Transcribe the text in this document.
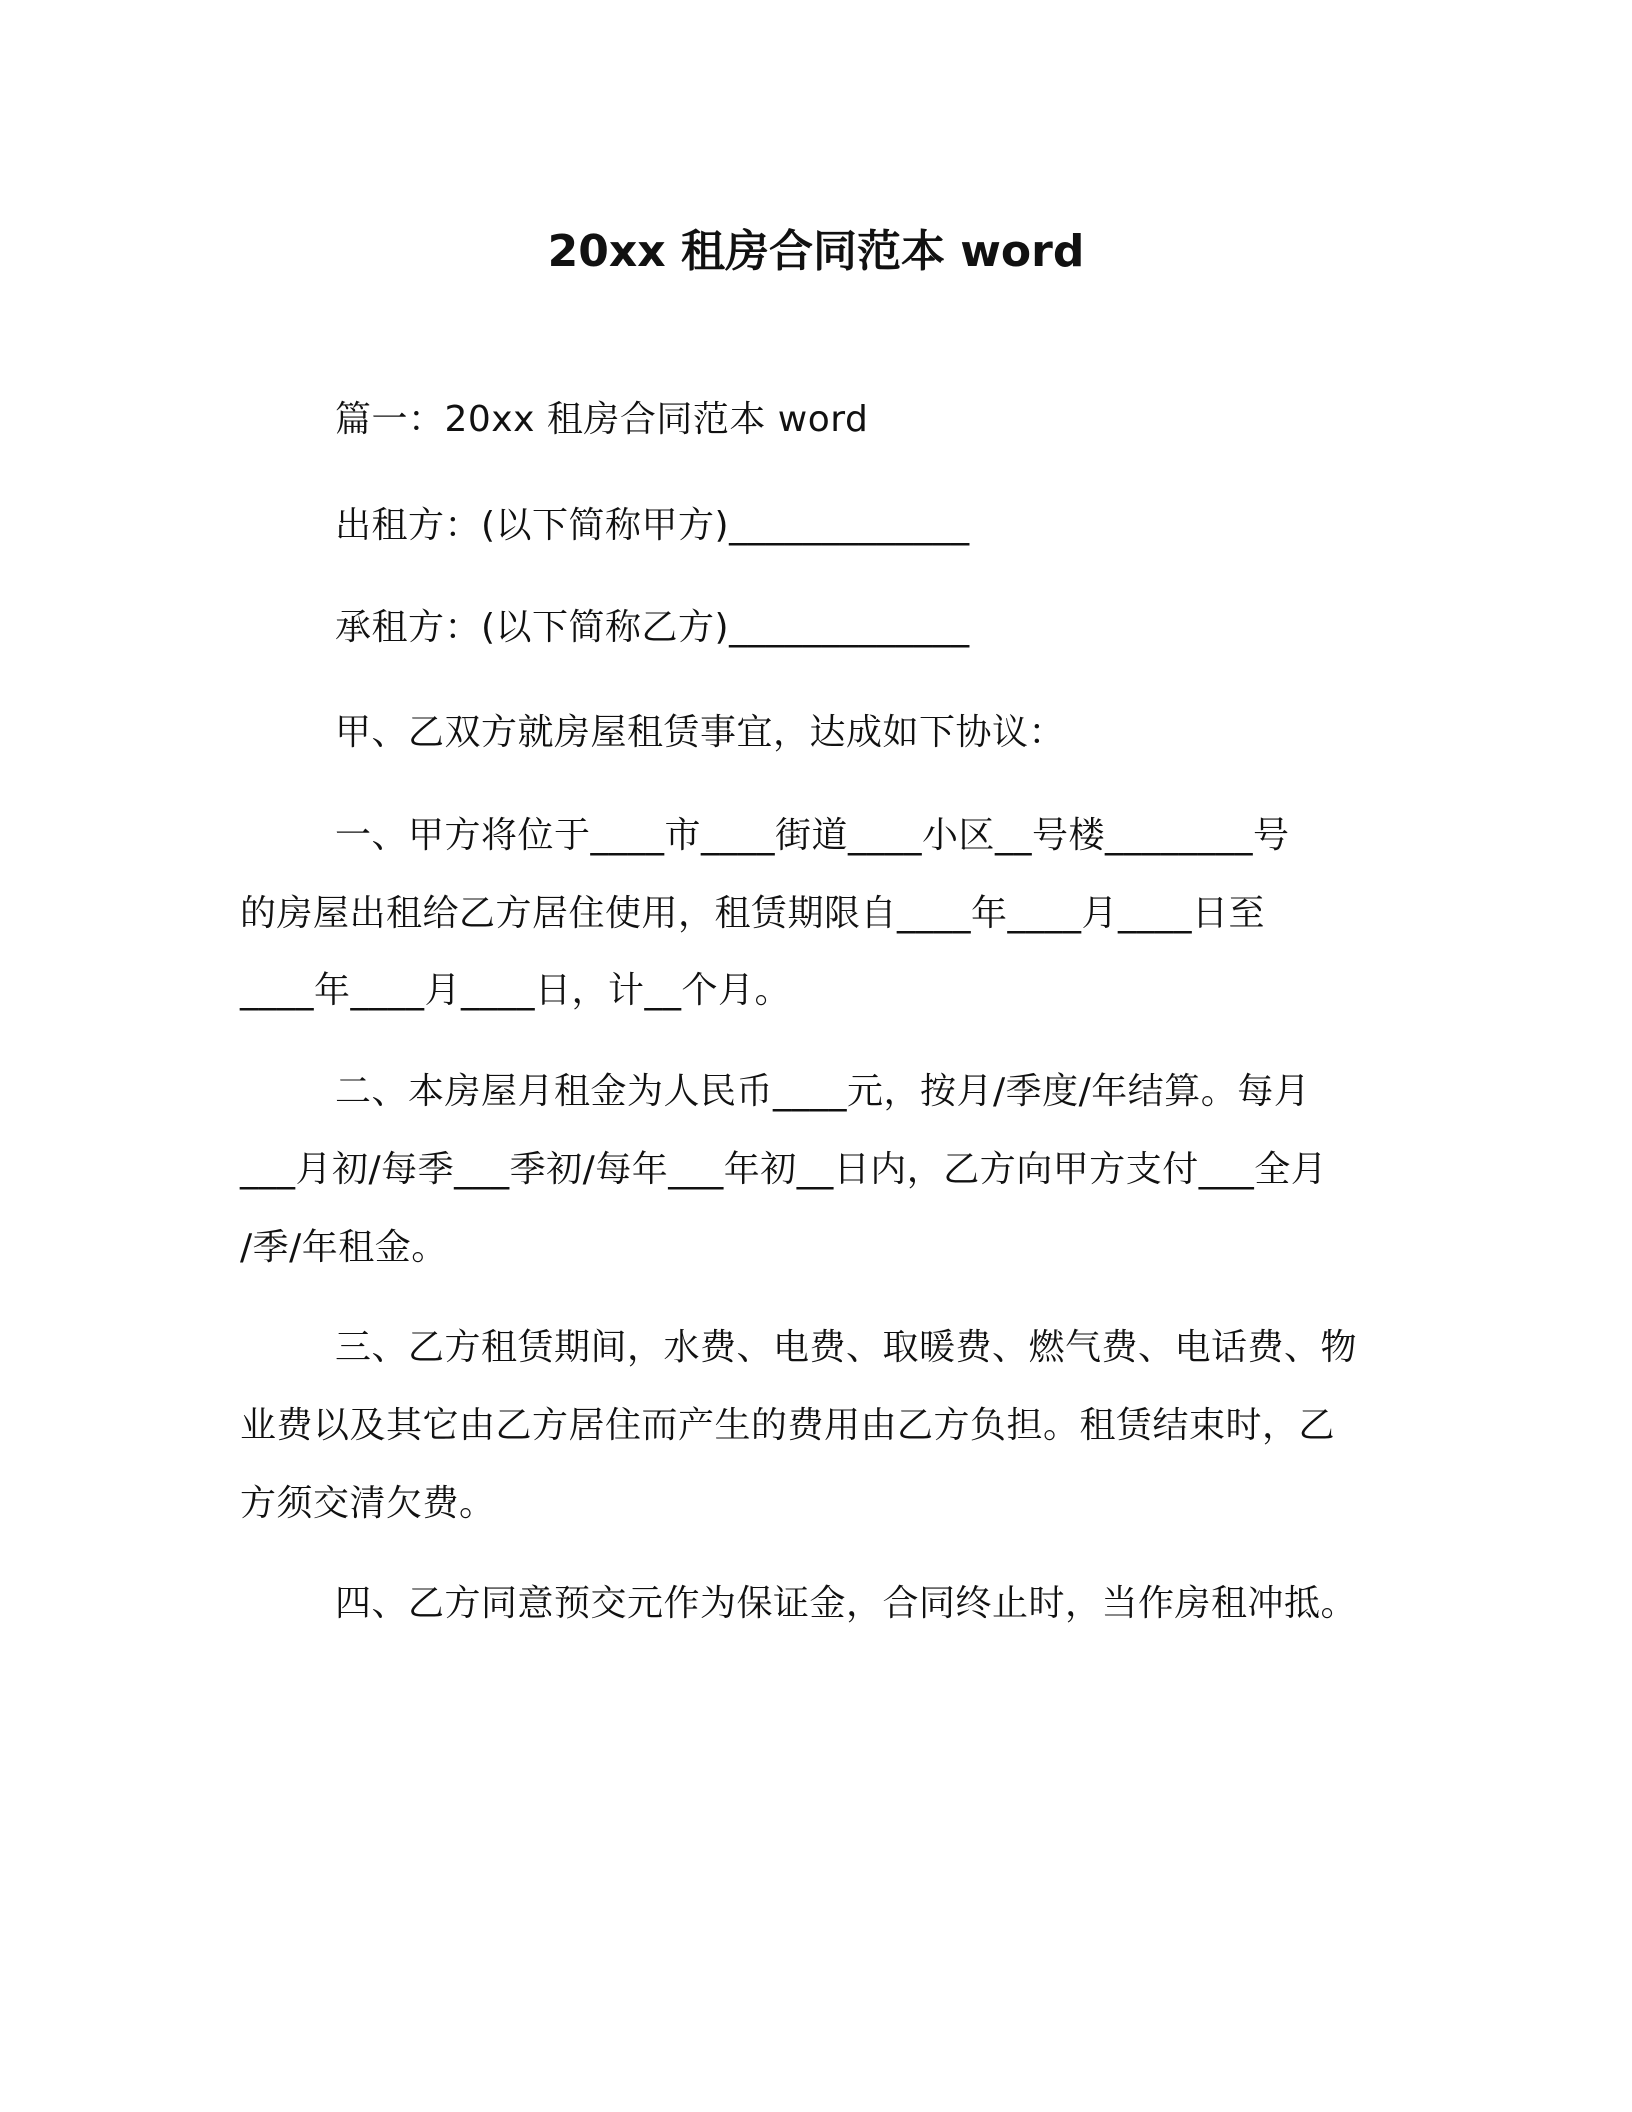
20xx 租房合同范本 word
篇一：20xx 租房合同范本 word
出租方：(以下简称甲方)_____________
承租方：(以下简称乙方)_____________
甲、乙双方就房屋租赁事宜，达成如下协议：
一、甲方将位于____市____街道____小区__号楼________号
的房屋出租给乙方居住使用，租赁期限自____年____月____日至
____年____月____日，计__个月。
二、本房屋月租金为人民币____元，按月/季度/年结算。每月
___月初/每季___季初/每年___年初__日内，乙方向甲方支付___全月
/季/年租金。
三、乙方租赁期间，水费、电费、取暖费、燃气费、电话费、物
业费以及其它由乙方居住而产生的费用由乙方负担。租赁结束时，乙
方须交清欠费。
四、乙方同意预交元作为保证金，合同终止时，当作房租冲抵。
